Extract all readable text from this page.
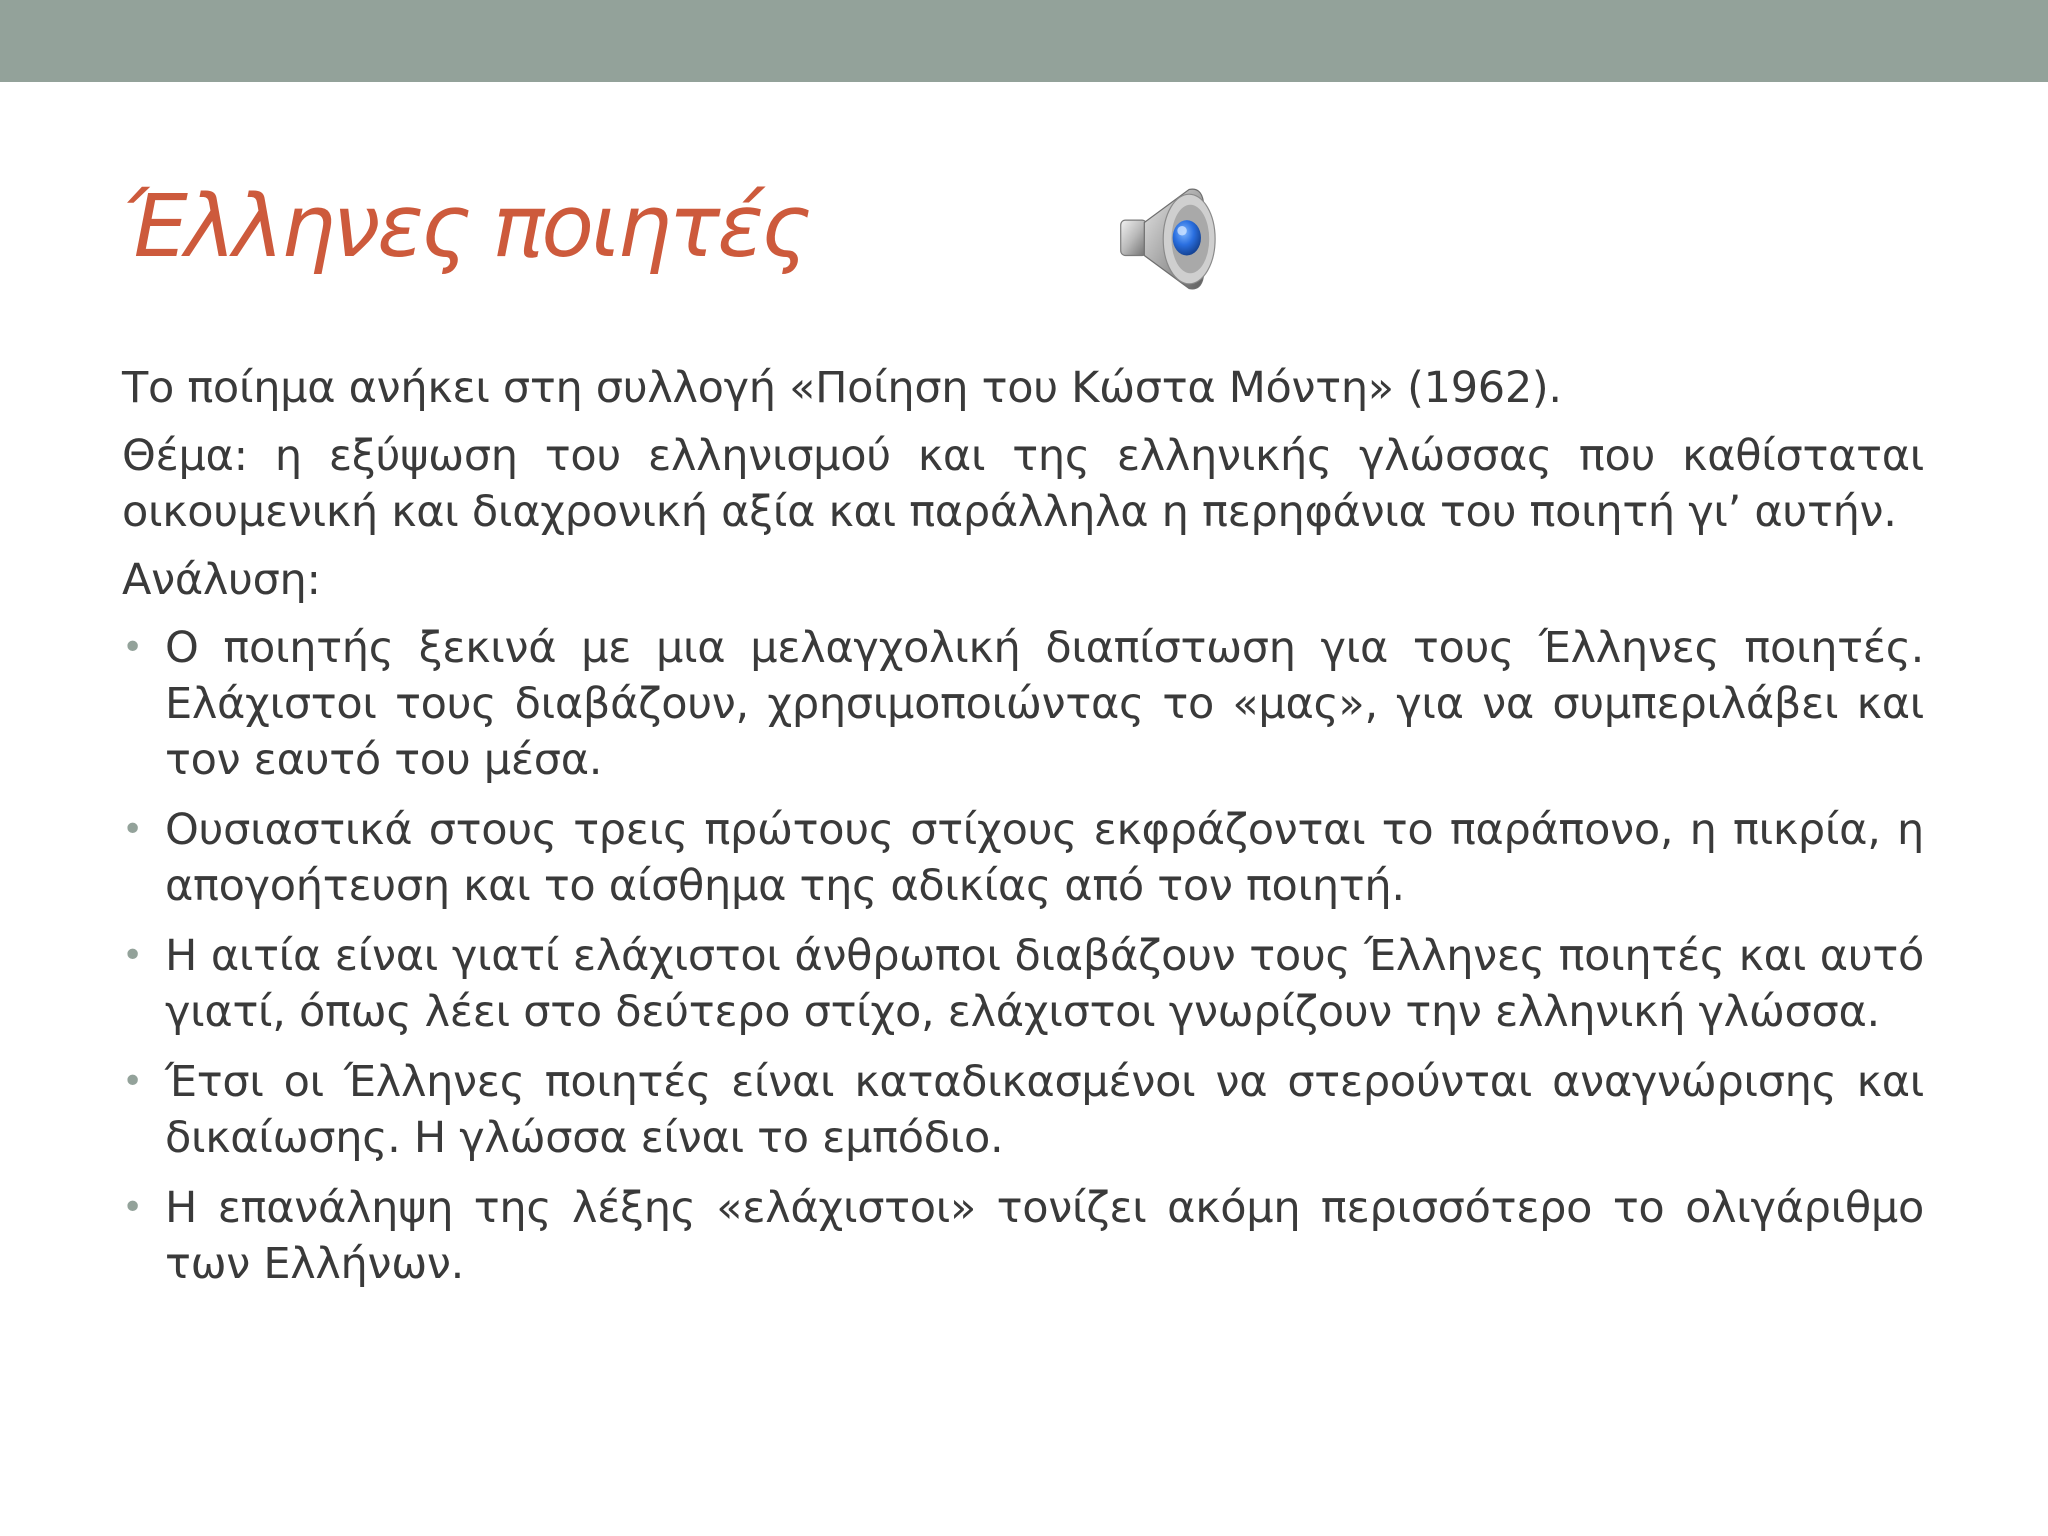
Έλληνες ποιητές

Το ποίημα ανήκει στη συλλογή «Ποίηση του Κώστα Μόντη» (1962).

Θέμα: η εξύψωση του ελληνισμού και της ελληνικής γλώσσας που καθίσταται οικουμενική και διαχρονική αξία και παράλληλα η περηφάνια του ποιητή γι’ αυτήν.

Ανάλυση:

• Ο ποιητής ξεκινά με μια μελαγχολική διαπίστωση για τους Έλληνες ποιητές. Ελάχιστοι τους διαβάζουν, χρησιμοποιώντας το «μας», για να συμπεριλάβει και τον εαυτό του μέσα.
• Ουσιαστικά στους τρεις πρώτους στίχους εκφράζονται το παράπονο, η πικρία, η απογοήτευση και το αίσθημα της αδικίας από τον ποιητή.
• Η αιτία είναι γιατί ελάχιστοι άνθρωποι διαβάζουν τους Έλληνες ποιητές και αυτό γιατί, όπως λέει στο δεύτερο στίχο, ελάχιστοι γνωρίζουν την ελληνική γλώσσα.
• Έτσι οι Έλληνες ποιητές είναι καταδικασμένοι να στερούνται αναγνώρισης και δικαίωσης. Η γλώσσα είναι το εμπόδιο.
• Η επανάληψη της λέξης «ελάχιστοι» τονίζει ακόμη περισσότερο το ολιγάριθμο των Ελλήνων.
